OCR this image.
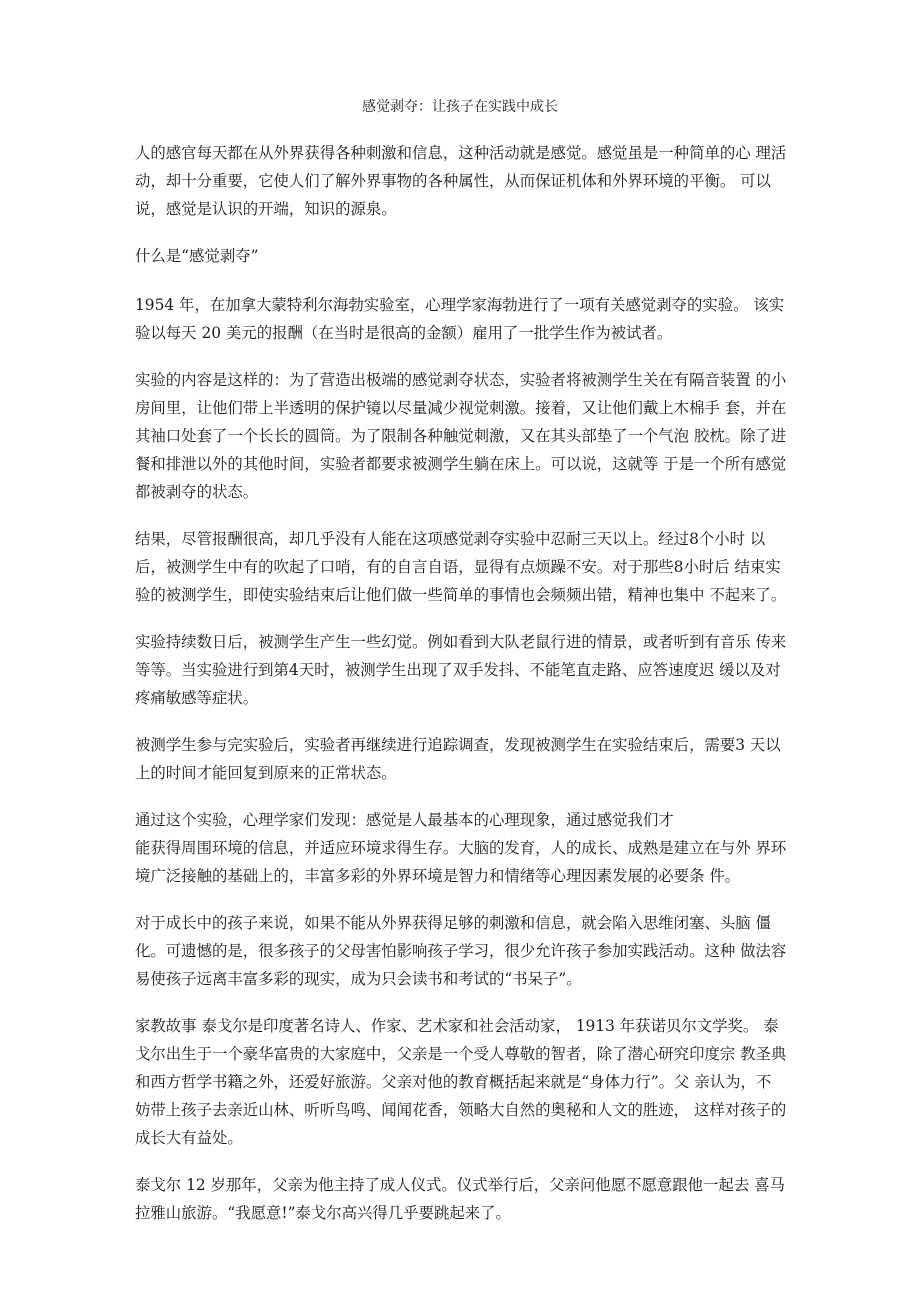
感觉剥夺：让孩子在实践中成长
人的感官每天都在从外界获得各种刺激和信息，这种活动就是感觉。感觉虽是一种简单的心 理活
动，却十分重要，它使人们了解外界事物的各种属性，从而保证机体和外界环境的平衡。 可以
说，感觉是认识的开端，知识的源泉。
什么是“感觉剥夺”
1954 年，在加拿大蒙特利尔海勃实验室，心理学家海勃进行了一项有关感觉剥夺的实验。 该实
验以每天 20 美元的报酬（在当时是很高的金额）雇用了一批学生作为被试者。
实验的内容是这样的：为了营造出极端的感觉剥夺状态，实验者将被测学生关在有隔音装置 的小
房间里，让他们带上半透明的保护镜以尽量减少视觉刺激。接着，又让他们戴上木棉手 套，并在
其袖口处套了一个长长的圆筒。为了限制各种触觉刺激，又在其头部垫了一个气泡 胶枕。除了进
餐和排泄以外的其他时间，实验者都要求被测学生躺在床上。可以说，这就等 于是一个所有感觉
都被剥夺的状态。
结果，尽管报酬很高，却几乎没有人能在这项感觉剥夺实验中忍耐三天以上。经过8个小时 以
后，被测学生中有的吹起了口哨，有的自言自语，显得有点烦躁不安。对于那些8小时后 结束实
验的被测学生，即使实验结束后让他们做一些简单的事情也会频频出错，精神也集中 不起来了。
实验持续数日后，被测学生产生一些幻觉。例如看到大队老鼠行进的情景，或者听到有音乐 传来
等等。当实验进行到第4天时，被测学生出现了双手发抖、不能笔直走路、应答速度迟 缓以及对
疼痛敏感等症状。
被测学生参与完实验后，实验者再继续进行追踪调查，发现被测学生在实验结束后，需要3 天以
上的时间才能回复到原来的正常状态。
通过这个实验，心理学家们发现：感觉是人最基本的心理现象，通过感觉我们才
能获得周围环境的信息，并适应环境求得生存。大脑的发育，人的成长、成熟是建立在与外 界环
境广泛接触的基础上的，丰富多彩的外界环境是智力和情绪等心理因素发展的必要条 件。
对于成长中的孩子来说，如果不能从外界获得足够的刺激和信息，就会陷入思维闭塞、头脑 僵
化。可遗憾的是，很多孩子的父母害怕影响孩子学习，很少允许孩子参加实践活动。这种 做法容
易使孩子远离丰富多彩的现实，成为只会读书和考试的“书呆子”。
家教故事 泰戈尔是印度著名诗人、作家、艺术家和社会活动家， 1913 年获诺贝尔文学奖。 泰
戈尔出生于一个豪华富贵的大家庭中，父亲是一个受人尊敬的智者，除了潜心研究印度宗 教圣典
和西方哲学书籍之外，还爱好旅游。父亲对他的教育概括起来就是“身体力行”。父 亲认为，不
妨带上孩子去亲近山林、听听鸟鸣、闻闻花香，领略大自然的奥秘和人文的胜迹， 这样对孩子的
成长大有益处。
泰戈尔 12 岁那年，父亲为他主持了成人仪式。仪式举行后，父亲问他愿不愿意跟他一起去 喜马
拉雅山旅游。“我愿意!”泰戈尔高兴得几乎要跳起来了。
